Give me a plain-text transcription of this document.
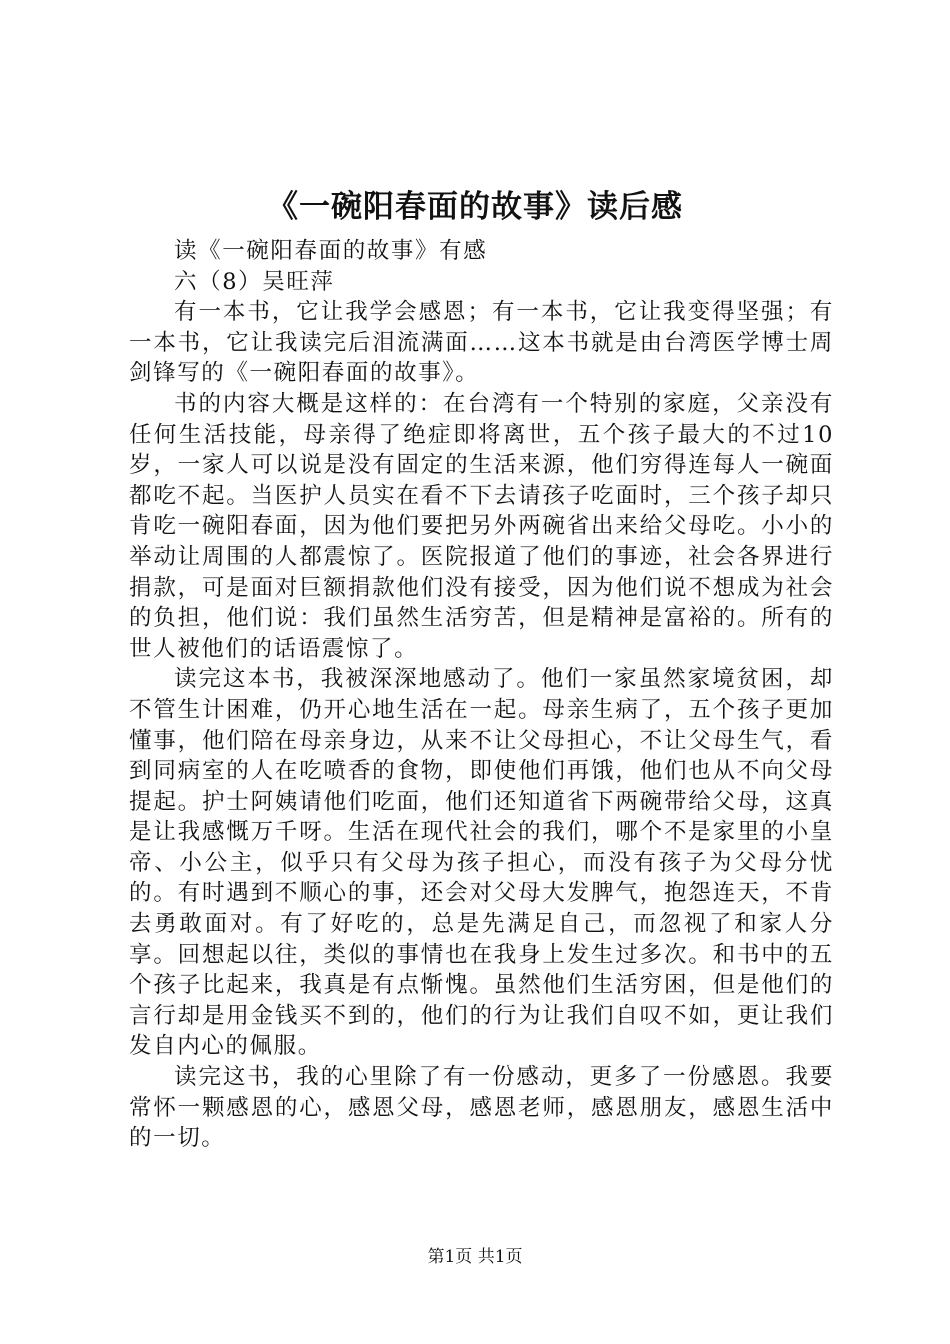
《一碗阳春面的故事》读后感

读《一碗阳春面的故事》有感

六（8）吴旺萍

有一本书，它让我学会感恩；有一本书，它让我变得坚强；有一本书，它让我读完后泪流满面……这本书就是由台湾医学博士周剑锋写的《一碗阳春面的故事》。

书的内容大概是这样的：在台湾有一个特别的家庭，父亲没有任何生活技能，母亲得了绝症即将离世，五个孩子最大的不过10岁，一家人可以说是没有固定的生活来源，他们穷得连每人一碗面都吃不起。当医护人员实在看不下去请孩子吃面时，三个孩子却只肯吃一碗阳春面，因为他们要把另外两碗省出来给父母吃。小小的举动让周围的人都震惊了。医院报道了他们的事迹，社会各界进行捐款，可是面对巨额捐款他们没有接受，因为他们说不想成为社会的负担，他们说：我们虽然生活穷苦，但是精神是富裕的。所有的世人被他们的话语震惊了。

读完这本书，我被深深地感动了。他们一家虽然家境贫困，却不管生计困难，仍开心地生活在一起。母亲生病了，五个孩子更加懂事，他们陪在母亲身边，从来不让父母担心，不让父母生气，看到同病室的人在吃喷香的食物，即使他们再饿，他们也从不向父母提起。护士阿姨请他们吃面，他们还知道省下两碗带给父母，这真是让我感慨万千呀。生活在现代社会的我们，哪个不是家里的小皇帝、小公主，似乎只有父母为孩子担心，而没有孩子为父母分忧的。有时遇到不顺心的事，还会对父母大发脾气，抱怨连天，不肯去勇敢面对。有了好吃的，总是先满足自己，而忽视了和家人分享。回想起以往，类似的事情也在我身上发生过多次。和书中的五个孩子比起来，我真是有点惭愧。虽然他们生活穷困，但是他们的言行却是用金钱买不到的，他们的行为让我们自叹不如，更让我们发自内心的佩服。

读完这书，我的心里除了有一份感动，更多了一份感恩。我要常怀一颗感恩的心，感恩父母，感恩老师，感恩朋友，感恩生活中的一切。

第1页 共1页
